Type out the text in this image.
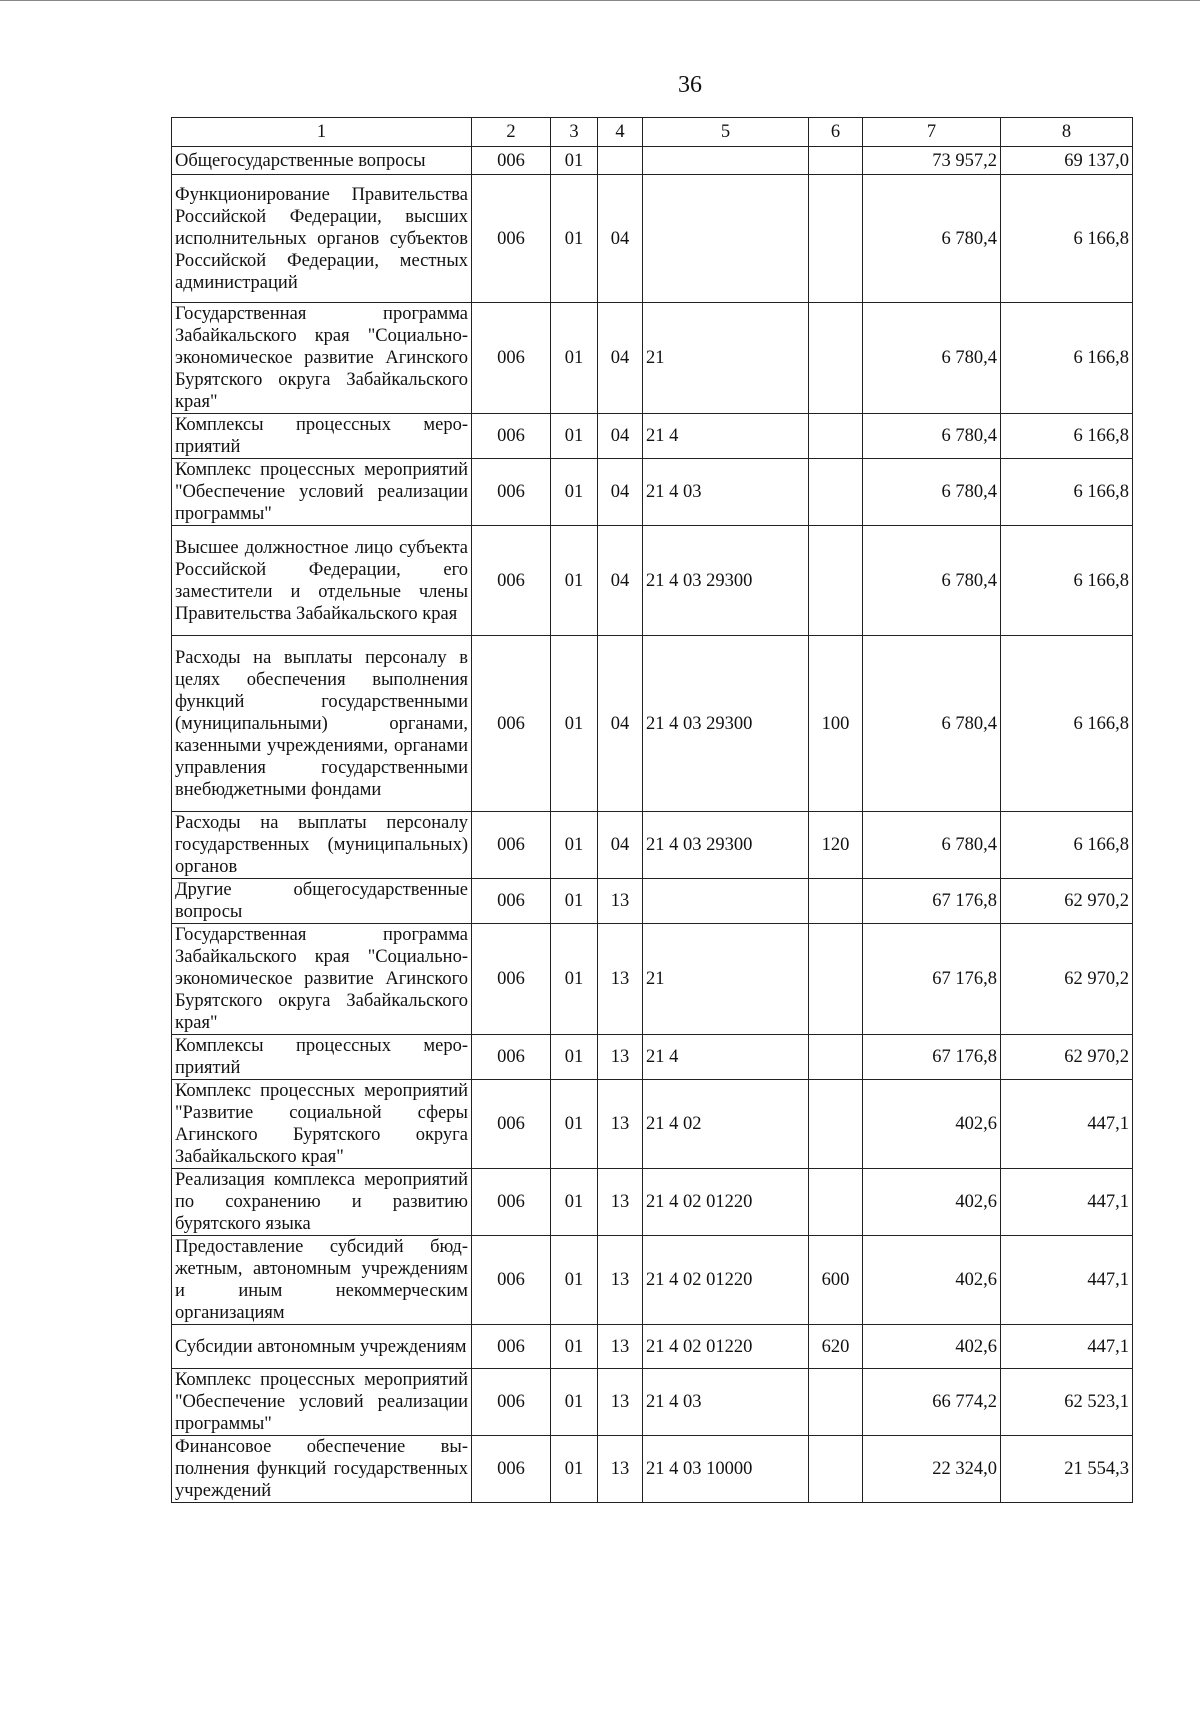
36
1	2	3	4	5	6	7	8
Общегосударственные вопросы	006	01				73 957,2	69 137,0
Функционирование Правительства Российской Федерации, высших исполнительных органов субъектов Российской Федерации, местных администраций	006	01	04			6 780,4	6 166,8
Государственная программа Забайкальского края "Социально-экономическое развитие Агинского Бурятского округа Забайкальского края"	006	01	04	21		6 780,4	6 166,8
Комплексы процессных мероприятий	006	01	04	21 4		6 780,4	6 166,8
Комплекс процессных мероприятий "Обеспечение условий реализации программы"	006	01	04	21 4 03		6 780,4	6 166,8
Высшее должностное лицо субъекта Российской Федерации, его заместители и отдельные члены Правительства Забайкальского края	006	01	04	21 4 03 29300		6 780,4	6 166,8
Расходы на выплаты персоналу в целях обеспечения выполнения функций государственными (муниципальными) органами, казенными учреждениями, органами управления государственными внебюджетными фондами	006	01	04	21 4 03 29300	100	6 780,4	6 166,8
Расходы на выплаты персоналу государственных (муниципальных) органов	006	01	04	21 4 03 29300	120	6 780,4	6 166,8
Другие общегосударственные вопросы	006	01	13			67 176,8	62 970,2
Государственная программа Забайкальского края "Социально-экономическое развитие Агинского Бурятского округа Забайкальского края"	006	01	13	21		67 176,8	62 970,2
Комплексы процессных мероприятий	006	01	13	21 4		67 176,8	62 970,2
Комплекс процессных мероприятий "Развитие социальной сферы Агинского Бурятского округа Забайкальского края"	006	01	13	21 4 02		402,6	447,1
Реализация комплекса мероприятий по сохранению и развитию бурятского языка	006	01	13	21 4 02 01220		402,6	447,1
Предоставление субсидий бюджетным, автономным учреждениям и иным некоммерческим организациям	006	01	13	21 4 02 01220	600	402,6	447,1
Субсидии автономным учреждениям	006	01	13	21 4 02 01220	620	402,6	447,1
Комплекс процессных мероприятий "Обеспечение условий реализации программы"	006	01	13	21 4 03		66 774,2	62 523,1
Финансовое обеспечение выполнения функций государственных учреждений	006	01	13	21 4 03 10000		22 324,0	21 554,3
